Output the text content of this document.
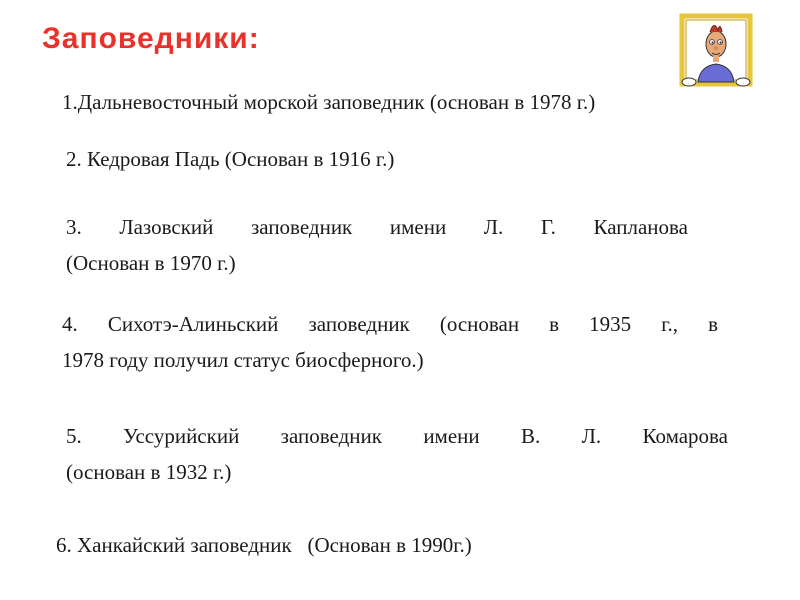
Заповедники:
1.Дальневосточный морской заповедник (основан в 1978 г.)
2. Кедровая Падь (Основан в 1916 г.)
3. Лазовский заповедник имени Л. Г. Капланова
(Основан в 1970 г.)
4. Сихотэ-Алиньский заповедник (основан в 1935 г., в
1978 году получил статус биосферного.)
5. Уссурийский заповедник имени В. Л. Комарова
(основан в 1932 г.)
6. Ханкайский заповедник   (Основан в 1990г.)
